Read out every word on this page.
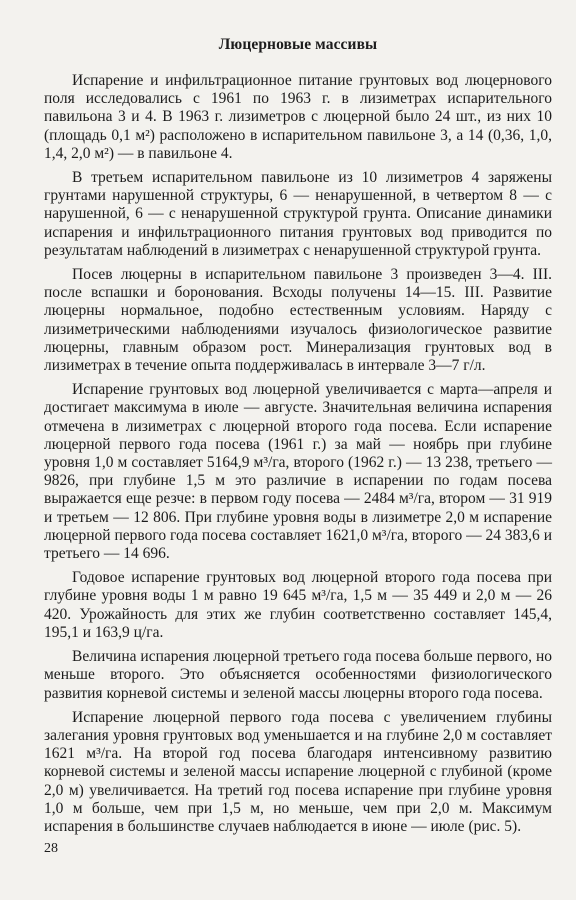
Люцерновые массивы

Испарение и инфильтрационное питание грунтовых вод люцернового поля исследовались с 1961 по 1963 г. в лизиметрах испарительного павильона 3 и 4. В 1963 г. лизиметров с люцерной было 24 шт., из них 10 (площадь 0,1 м²) расположено в испарительном павильоне 3, а 14 (0,36, 1,0, 1,4, 2,0 м²) — в павильоне 4.

В третьем испарительном павильоне из 10 лизиметров 4 заряжены грунтами нарушенной структуры, 6 — ненарушенной, в четвертом 8 — с нарушенной, 6 — с ненарушенной структурой грунта. Описание динамики испарения и инфильтрационного питания грунтовых вод приводится по результатам наблюдений в лизиметрах с ненарушенной структурой грунта.

Посев люцерны в испарительном павильоне 3 произведен 3—4. III. после вспашки и боронования. Всходы получены 14—15. III. Развитие люцерны нормальное, подобно естественным условиям. Наряду с лизиметрическими наблюдениями изучалось физиологическое развитие люцерны, главным образом рост. Минерализация грунтовых вод в лизиметрах в течение опыта поддерживалась в интервале 3—7 г/л.

Испарение грунтовых вод люцерной увеличивается с марта—апреля и достигает максимума в июле — августе. Значительная величина испарения отмечена в лизиметрах с люцерной второго года посева. Если испарение люцерной первого года посева (1961 г.) за май — ноябрь при глубине уровня 1,0 м составляет 5164,9 м³/га, второго (1962 г.) — 13 238, третьего — 9826, при глубине 1,5 м это различие в испарении по годам посева выражается еще резче: в первом году посева — 2484 м³/га, втором — 31 919 и третьем — 12 806. При глубине уровня воды в лизиметре 2,0 м испарение люцерной первого года посева составляет 1621,0 м³/га, второго — 24 383,6 и третьего — 14 696.

Годовое испарение грунтовых вод люцерной второго года посева при глубине уровня воды 1 м равно 19 645 м³/га, 1,5 м — 35 449 и 2,0 м — 26 420. Урожайность для этих же глубин соответственно составляет 145,4, 195,1 и 163,9 ц/га.

Величина испарения люцерной третьего года посева больше первого, но меньше второго. Это объясняется особенностями физиологического развития корневой системы и зеленой массы люцерны второго года посева.

Испарение люцерной первого года посева с увеличением глубины залегания уровня грунтовых вод уменьшается и на глубине 2,0 м составляет 1621 м³/га. На второй год посева благодаря интенсивному развитию корневой системы и зеленой массы испарение люцерной с глубиной (кроме 2,0 м) увеличивается. На третий год посева испарение при глубине уровня 1,0 м больше, чем при 1,5 м, но меньше, чем при 2,0 м. Максимум испарения в большинстве случаев наблюдается в июне — июле (рис. 5).

28
